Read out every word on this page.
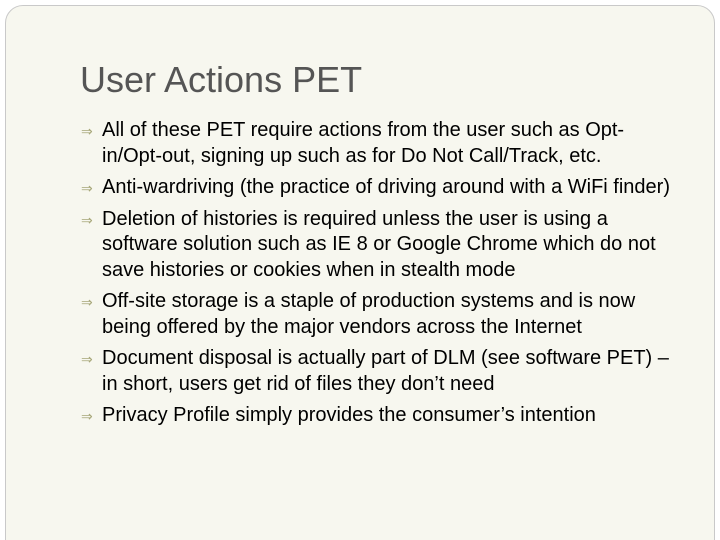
User Actions PET
⇒ All of these PET require actions from the user such as Opt-in/Opt-out, signing up such as for Do Not Call/Track, etc.
⇒ Anti-wardriving (the practice of driving around with a WiFi finder)
⇒ Deletion of histories is required unless the user is using a software solution such as IE 8 or Google Chrome which do not save histories or cookies when in stealth mode
⇒ Off-site storage is a staple of production systems and is now being offered by the major vendors across the Internet
⇒ Document disposal is actually part of DLM (see software PET) – in short, users get rid of files they don’t need
⇒ Privacy Profile simply provides the consumer’s intention
